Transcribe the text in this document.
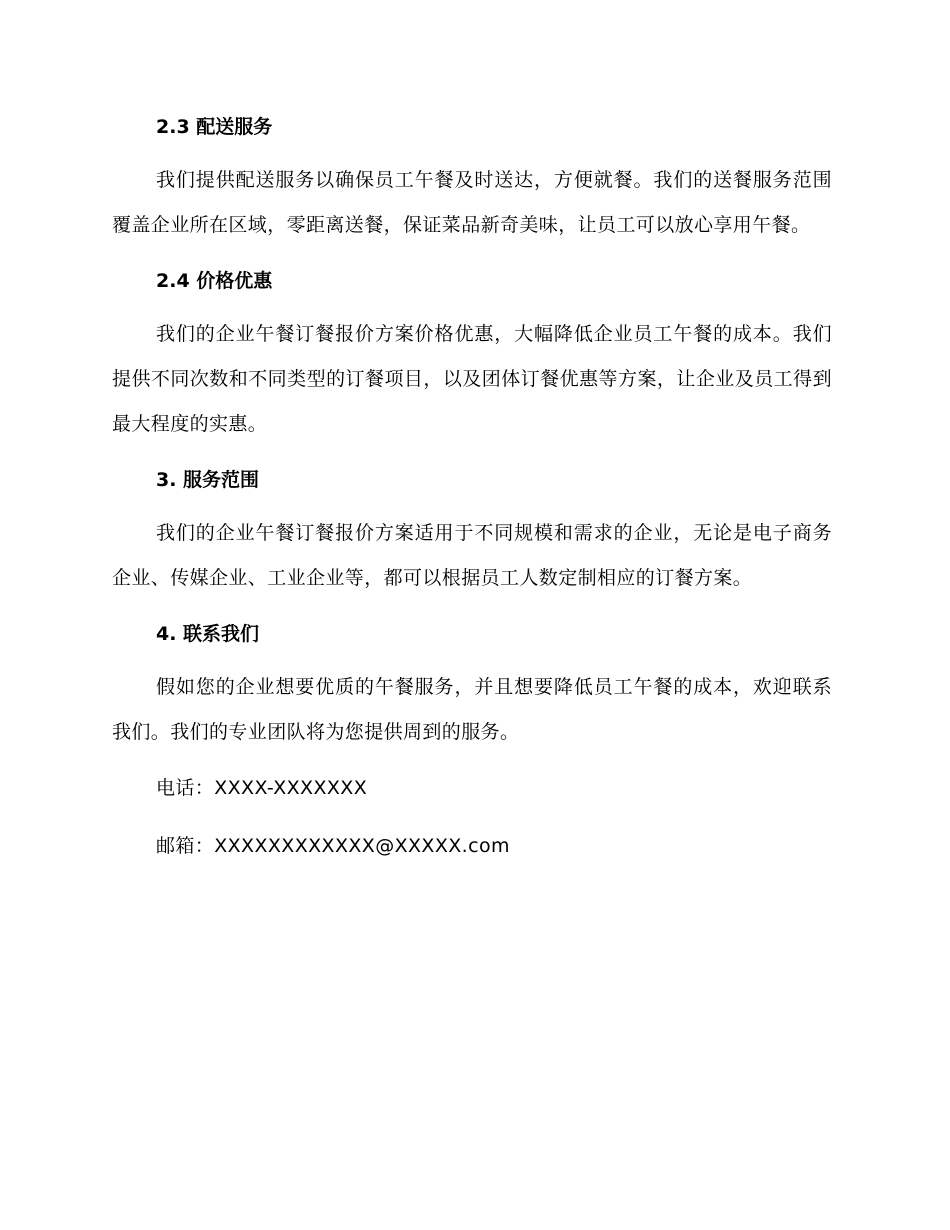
2.3 配送服务

我们提供配送服务以确保员工午餐及时送达，方便就餐。我们的送餐服务范围覆盖企业所在区域，零距离送餐，保证菜品新奇美味，让员工可以放心享用午餐。

2.4 价格优惠

我们的企业午餐订餐报价方案价格优惠，大幅降低企业员工午餐的成本。我们提供不同次数和不同类型的订餐项目，以及团体订餐优惠等方案，让企业及员工得到最大程度的实惠。

3. 服务范围

我们的企业午餐订餐报价方案适用于不同规模和需求的企业，无论是电子商务企业、传媒企业、工业企业等，都可以根据员工人数定制相应的订餐方案。

4. 联系我们

假如您的企业想要优质的午餐服务，并且想要降低员工午餐的成本，欢迎联系我们。我们的专业团队将为您提供周到的服务。

电话：XXXX-XXXXXXX
邮箱：XXXXXXXXXXXX@XXXXX.com
